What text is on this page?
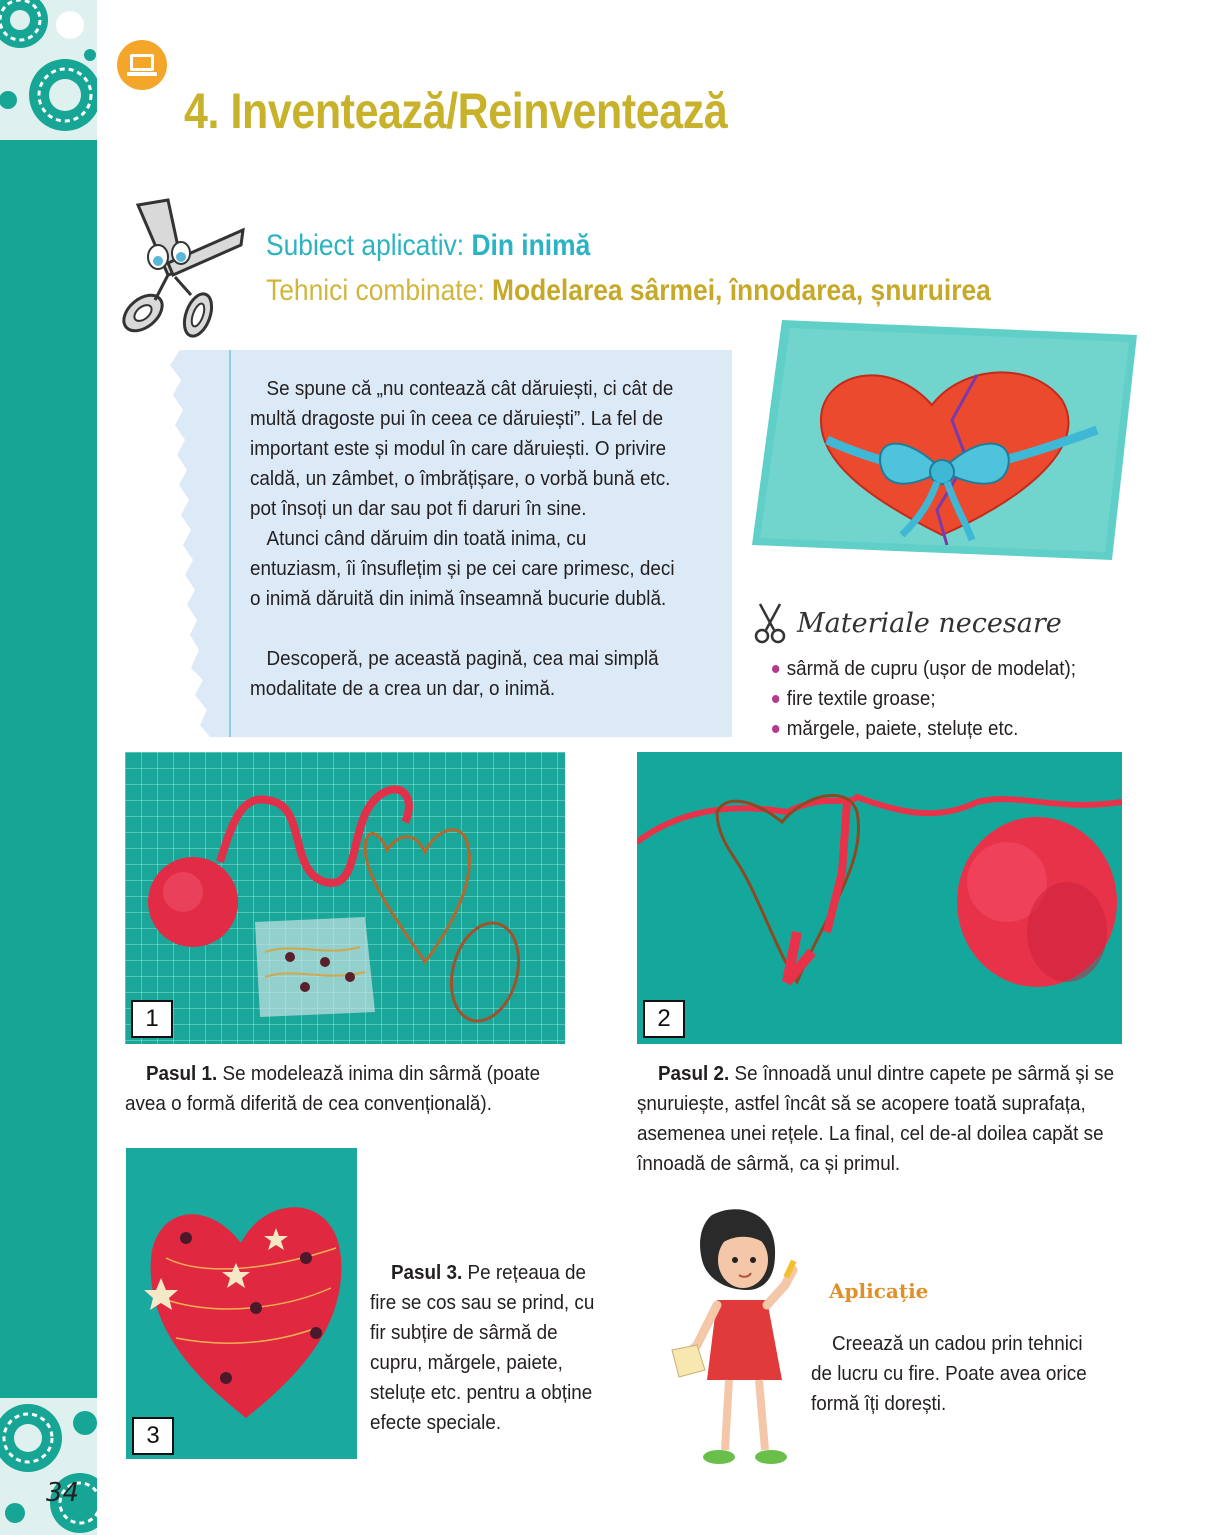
34
4. Inventează/Reinventează
Subiect aplicativ: Din inimă
Tehnici combinate: Modelarea sârmei, înnodarea, șnuruirea

Se spune că „nu contează cât dăruiești, ci cât de multă dragoste pui în ceea ce dăruiești”. La fel de important este și modul în care dăruiești. O privire caldă, un zâmbet, o îmbrățișare, o vorbă bună etc. pot însoți un dar sau pot fi daruri în sine.

Atunci când dăruim din toată inima, cu entuziasm, îi însuflețim și pe cei care primesc, deci o inimă dăruită din inimă înseamnă bucurie dublă.

Descoperă, pe această pagină, cea mai simplă modalitate de a crea un dar, o inimă.

Materiale necesare
sârmă de cupru (ușor de modelat);
fire textile groase;
mărgele, paiete, steluțe etc.
1	2
Pasul 1. Se modelează inima din sârmă (poate avea o formă diferită de cea convențională).
Pasul 2. Se înnoadă unul dintre capete pe sârmă și se șnuruiește, astfel încât să se acopere toată suprafața, asemenea unei rețele. La final, cel de-al doilea capăt se înnoadă de sârmă, ca și primul.
3
Pasul 3. Pe rețeaua de fire se cos sau se prind, cu fir subțire de sârmă de cupru, mărgele, paiete, steluțe etc. pentru a obține efecte speciale.
Aplicație
Creează un cadou prin tehnici de lucru cu fire. Poate avea orice formă îți dorești.
